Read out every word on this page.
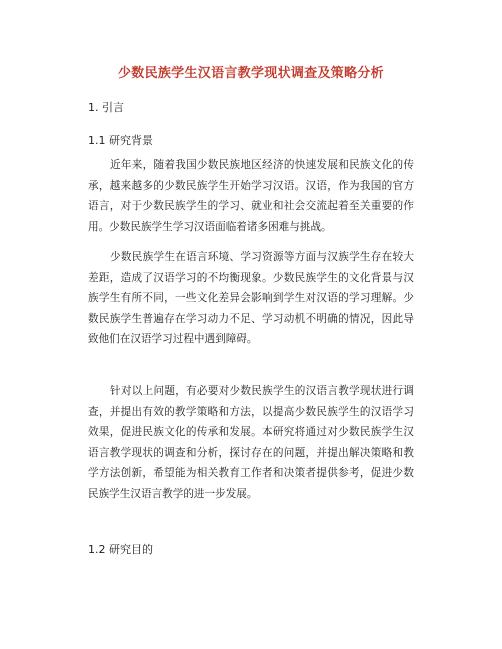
少数民族学生汉语言教学现状调查及策略分析
1. 引言
1.1 研究背景
近年来，随着我国少数民族地区经济的快速发展和民族文化的传承，越来越多的少数民族学生开始学习汉语。汉语，作为我国的官方语言，对于少数民族学生的学习、就业和社会交流起着至关重要的作用。少数民族学生学习汉语面临着诸多困难与挑战。
少数民族学生在语言环境、学习资源等方面与汉族学生存在较大差距，造成了汉语学习的不均衡现象。少数民族学生的文化背景与汉族学生有所不同，一些文化差异会影响到学生对汉语的学习理解。少数民族学生普遍存在学习动力不足、学习动机不明确的情况，因此导致他们在汉语学习过程中遇到障碍。
针对以上问题，有必要对少数民族学生的汉语言教学现状进行调查，并提出有效的教学策略和方法，以提高少数民族学生的汉语学习效果，促进民族文化的传承和发展。本研究将通过对少数民族学生汉语言教学现状的调查和分析，探讨存在的问题，并提出解决策略和教学方法创新，希望能为相关教育工作者和决策者提供参考，促进少数民族学生汉语言教学的进一步发展。
1.2 研究目的
